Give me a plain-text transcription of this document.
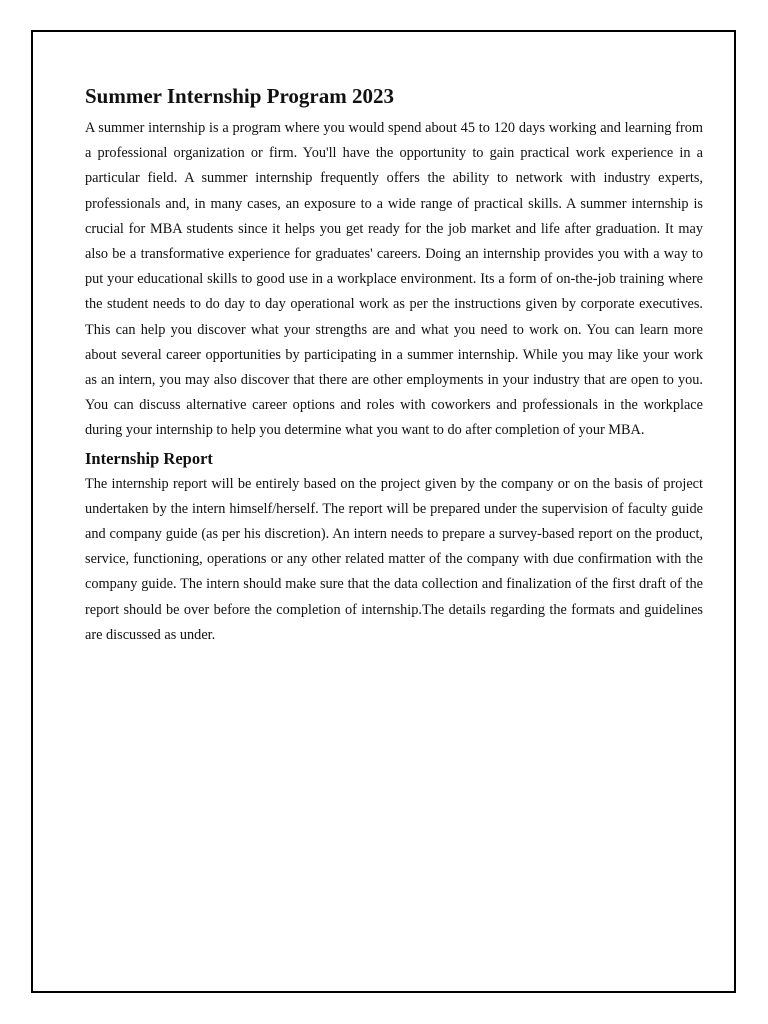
Summer Internship Program 2023

A summer internship is a program where you would spend about 45 to 120 days working and learning from a professional organization or firm. You'll have the opportunity to gain practical work experience in a particular field. A summer internship frequently offers the ability to network with industry experts, professionals and, in many cases, an exposure to a wide range of practical skills. A summer internship is crucial for MBA students since it helps you get ready for the job market and life after graduation. It may also be a transformative experience for graduates' careers. Doing an internship provides you with a way to put your educational skills to good use in a workplace environment. Its a form of on-the-job training where the student needs to do day to day operational work as per the instructions given by corporate executives. This can help you discover what your strengths are and what you need to work on. You can learn more about several career opportunities by participating in a summer internship. While you may like your work as an intern, you may also discover that there are other employments in your industry that are open to you. You can discuss alternative career options and roles with coworkers and professionals in the workplace during your internship to help you determine what you want to do after completion of your MBA.

Internship Report

The internship report will be entirely based on the project given by the company or on the basis of project undertaken by the intern himself/herself. The report will be prepared under the supervision of faculty guide and company guide (as per his discretion). An intern needs to prepare a survey-based report on the product, service, functioning, operations or any other related matter of the company with due confirmation with the company guide. The intern should make sure that the data collection and finalization of the first draft of the report should be over before the completion of internship.The details regarding the formats and guidelines are discussed as under.
